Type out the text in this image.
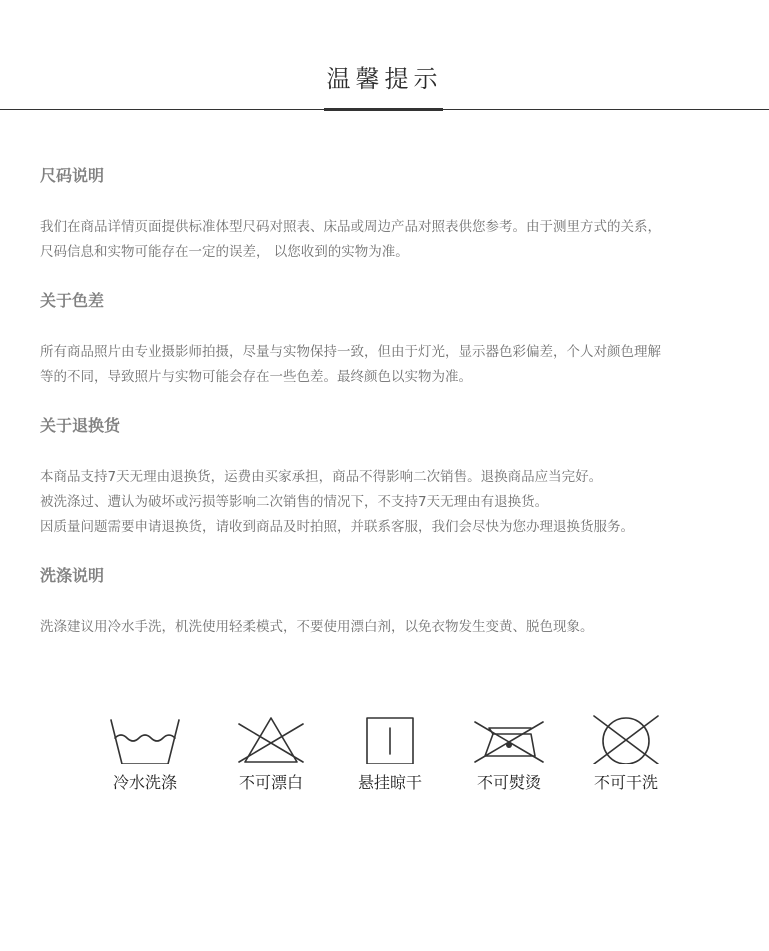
温馨提示
尺码说明

我们在商品详情页面提供标准体型尺码对照表、床品或周边产品对照表供您参考。由于测里方式的关系，

尺码信息和实物可能存在一定的误差， 以您收到的实物为准。

关于色差

所有商品照片由专业摄影师拍摄，尽量与实物保持一致，但由于灯光，显示器色彩偏差，个人对颜色理解

等的不同，导致照片与实物可能会存在一些色差。最终颜色以实物为准。

关于退换货

本商品支持7天无理由退换货，运费由买家承担，商品不得影响二次销售。退换商品应当完好。

被洗涤过、遭认为破坏或污损等影响二次销售的情况下，不支持7天无理由有退换货。

因质量问题需要申请退换货，请收到商品及时拍照，并联系客服，我们会尽快为您办理退换货服务。

洗涤说明

洗涤建议用冷水手洗，机洗使用轻柔模式，不要使用漂白剂，以免衣物发生变黄、脱色现象。

冷水洗涤	不可漂白	悬挂晾干	不可熨烫	不可干洗
